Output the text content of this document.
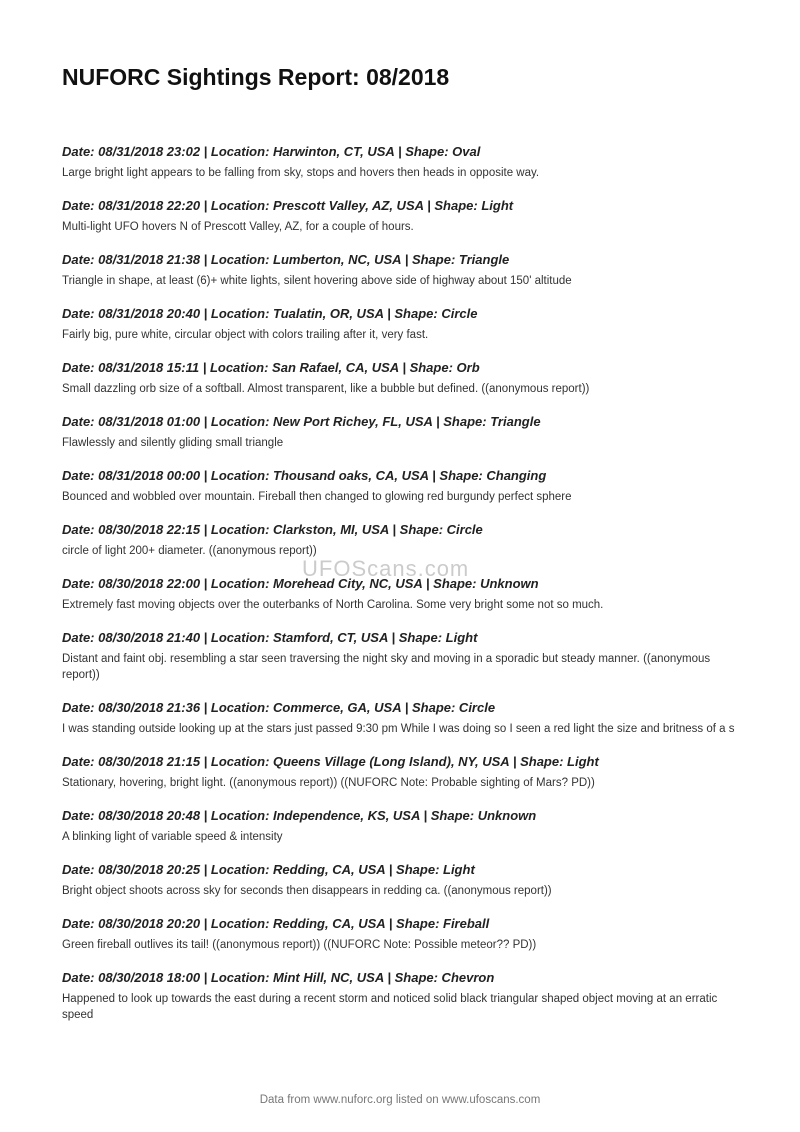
NUFORC Sightings Report: 08/2018

Date: 08/31/2018 23:02 | Location: Harwinton, CT, USA | Shape: Oval

Large bright light appears to be falling from sky, stops and hovers then heads in opposite way.

Date: 08/31/2018 22:20 | Location: Prescott Valley, AZ, USA | Shape: Light

Multi-light UFO hovers N of Prescott Valley, AZ, for a couple of hours.

Date: 08/31/2018 21:38 | Location: Lumberton, NC, USA | Shape: Triangle

Triangle in shape, at least (6)+ white lights, silent hovering above side of highway about 150' altitude

Date: 08/31/2018 20:40 | Location: Tualatin, OR, USA | Shape: Circle

Fairly big, pure white, circular object with colors trailing after it, very fast.

Date: 08/31/2018 15:11 | Location: San Rafael, CA, USA | Shape: Orb

Small dazzling orb size of a softball. Almost transparent, like a bubble but defined. ((anonymous report))

Date: 08/31/2018 01:00 | Location: New Port Richey, FL, USA | Shape: Triangle

Flawlessly and silently gliding small triangle

Date: 08/31/2018 00:00 | Location: Thousand oaks, CA, USA | Shape: Changing

Bounced and wobbled over mountain. Fireball then changed to glowing red burgundy perfect sphere

Date: 08/30/2018 22:15 | Location: Clarkston, MI, USA | Shape: Circle

circle of light 200+ diameter. ((anonymous report))

Date: 08/30/2018 22:00 | Location: Morehead City, NC, USA | Shape: Unknown

Extremely fast moving objects over the outerbanks of North Carolina. Some very bright some not so much.

Date: 08/30/2018 21:40 | Location: Stamford, CT, USA | Shape: Light

Distant and faint obj. resembling a star seen traversing the night sky and moving in a sporadic but steady manner. ((anonymous report))

Date: 08/30/2018 21:36 | Location: Commerce, GA, USA | Shape: Circle

I was standing outside looking up at the stars just passed 9:30 pm While I was doing so I seen a red light the size and britness of a s

Date: 08/30/2018 21:15 | Location: Queens Village (Long Island), NY, USA | Shape: Light

Stationary, hovering, bright light. ((anonymous report)) ((NUFORC Note: Probable sighting of Mars? PD))

Date: 08/30/2018 20:48 | Location: Independence, KS, USA | Shape: Unknown

A blinking light of variable speed & intensity

Date: 08/30/2018 20:25 | Location: Redding, CA, USA | Shape: Light

Bright object shoots across sky for seconds then disappears in redding ca. ((anonymous report))

Date: 08/30/2018 20:20 | Location: Redding, CA, USA | Shape: Fireball

Green fireball outlives its tail! ((anonymous report)) ((NUFORC Note: Possible meteor?? PD))

Date: 08/30/2018 18:00 | Location: Mint Hill, NC, USA | Shape: Chevron

Happened to look up towards the east during a recent storm and noticed solid black triangular shaped object moving at an erratic speed

UFOScans.com
Data from www.nuforc.org listed on www.ufoscans.com
